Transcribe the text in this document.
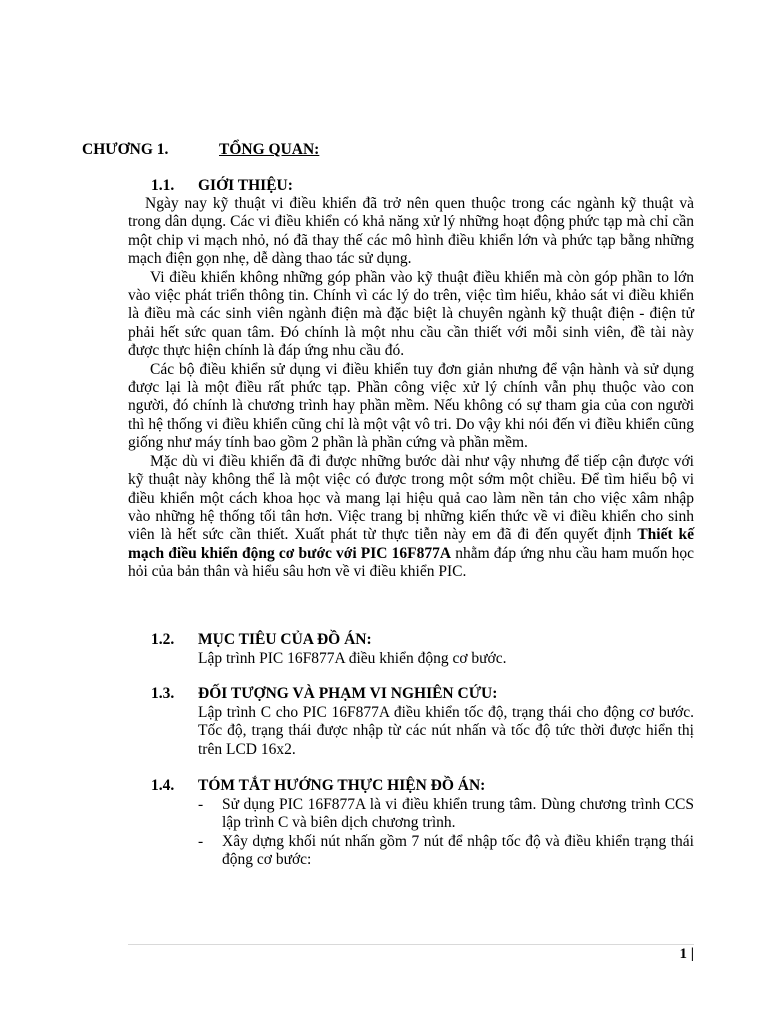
CHƯƠNG 1.	TỔNG QUAN:
1.1. GIỚI THIỆU:

Ngày nay kỹ thuật vi điều khiển đã trở nên quen thuộc trong các ngành kỹ thuật và trong dân dụng. Các vi điều khiển có khả năng xử lý những hoạt động phức tạp mà chỉ cần một chip vi mạch nhỏ, nó đã thay thế các mô hình điều khiển lớn và phức tạp bằng những mạch điện gọn nhẹ, dễ dàng thao tác sử dụng.

Vi điều khiển không những góp phần vào kỹ thuật điều khiển mà còn góp phần to lớn vào việc phát triển thông tin. Chính vì các lý do trên, việc tìm hiểu, khảo sát vi điều khiển là điều mà các sinh viên ngành điện mà đặc biệt là chuyên ngành kỹ thuật điện - điện tử phải hết sức quan tâm. Đó chính là một nhu cầu cần thiết với mỗi sinh viên, đề tài này được thực hiện chính là đáp ứng nhu cầu đó.

Các bộ điều khiển sử dụng vi điều khiển tuy đơn giản nhưng để vận hành và sử dụng được lại là một điều rất phức tạp. Phần công việc xử lý chính vẫn phụ thuộc vào con người, đó chính là chương trình hay phần mềm. Nếu không có sự tham gia của con người thì hệ thống vi điều khiển cũng chỉ là một vật vô tri. Do vậy khi nói đến vi điều khiển cũng giống như máy tính bao gồm 2 phần là phần cứng và phần mềm.

Mặc dù vi điều khiển đã đi được những bước dài như vậy nhưng để tiếp cận được với kỹ thuật này không thể là một việc có được trong một sớm một chiều. Để tìm hiểu bộ vi điều khiển một cách khoa học và mang lại hiệu quả cao làm nền tản cho việc xâm nhập vào những hệ thống tối tân hơn. Việc trang bị những kiến thức về vi điều khiển cho sinh viên là hết sức cần thiết. Xuất phát từ thực tiễn này em đã đi đến quyết định Thiết kế mạch điều khiển động cơ bước với PIC 16F877A nhằm đáp ứng nhu cầu ham muốn học hỏi của bản thân và hiểu sâu hơn về vi điều khiển PIC.

1.2. MỤC TIÊU CỦA ĐỒ ÁN:
Lập trình PIC 16F877A điều khiển động cơ bước.
1.3. ĐỐI TƯỢNG VÀ PHẠM VI NGHIÊN CỨU:
Lập trình C cho PIC 16F877A điều khiển tốc độ, trạng thái cho động cơ bước. Tốc độ, trạng thái được nhập từ các nút nhấn và tốc độ tức thời được hiển thị trên LCD 16x2.
1.4. TÓM TẮT HƯỚNG THỰC HIỆN ĐỒ ÁN:
- Sử dụng PIC 16F877A là vi điều khiển trung tâm. Dùng chương trình CCS lập trình C và biên dịch chương trình.
- Xây dựng khối nút nhấn gồm 7 nút để nhập tốc độ và điều khiển trạng thái động cơ bước:
1 |
